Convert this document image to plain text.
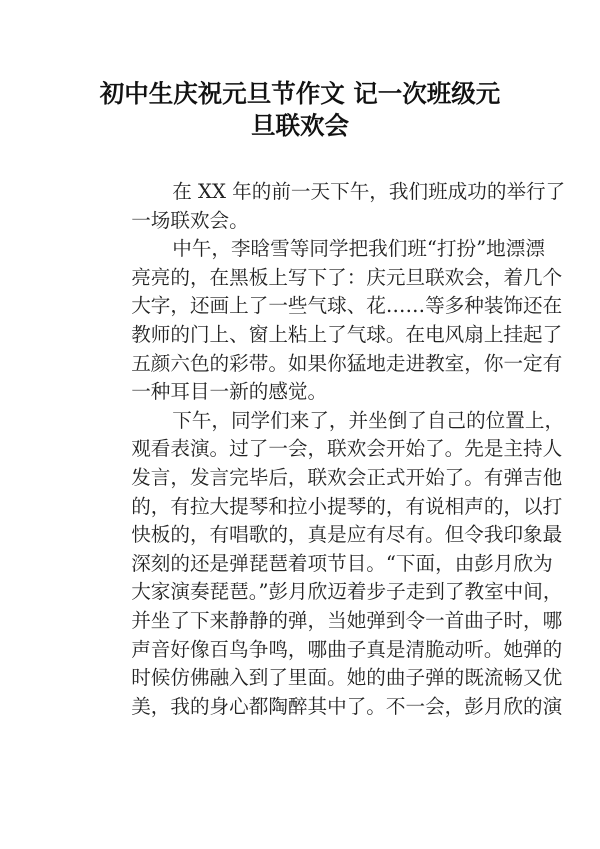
初中生庆祝元旦节作文 记一次班级元
旦联欢会
在 XX 年的前一天下午，我们班成功的举行了
一场联欢会。
中午，李晗雪等同学把我们班“打扮”地漂漂
亮亮的，在黑板上写下了：庆元旦联欢会，着几个
大字，还画上了一些气球、花……等多种装饰还在
教师的门上、窗上粘上了气球。在电风扇上挂起了
五颜六色的彩带。如果你猛地走进教室，你一定有
一种耳目一新的感觉。
下午，同学们来了，并坐倒了自己的位置上，
观看表演。过了一会，联欢会开始了。先是主持人
发言，发言完毕后，联欢会正式开始了。有弹吉他
的，有拉大提琴和拉小提琴的，有说相声的，以打
快板的，有唱歌的，真是应有尽有。但令我印象最
深刻的还是弹琵琶着项节目。“下面，由彭月欣为
大家演奏琵琶。”彭月欣迈着步子走到了教室中间，
并坐了下来静静的弹，当她弹到令一首曲子时，哪
声音好像百鸟争鸣，哪曲子真是清脆动听。她弹的
时候仿佛融入到了里面。她的曲子弹的既流畅又优
美，我的身心都陶醉其中了。不一会，彭月欣的演
